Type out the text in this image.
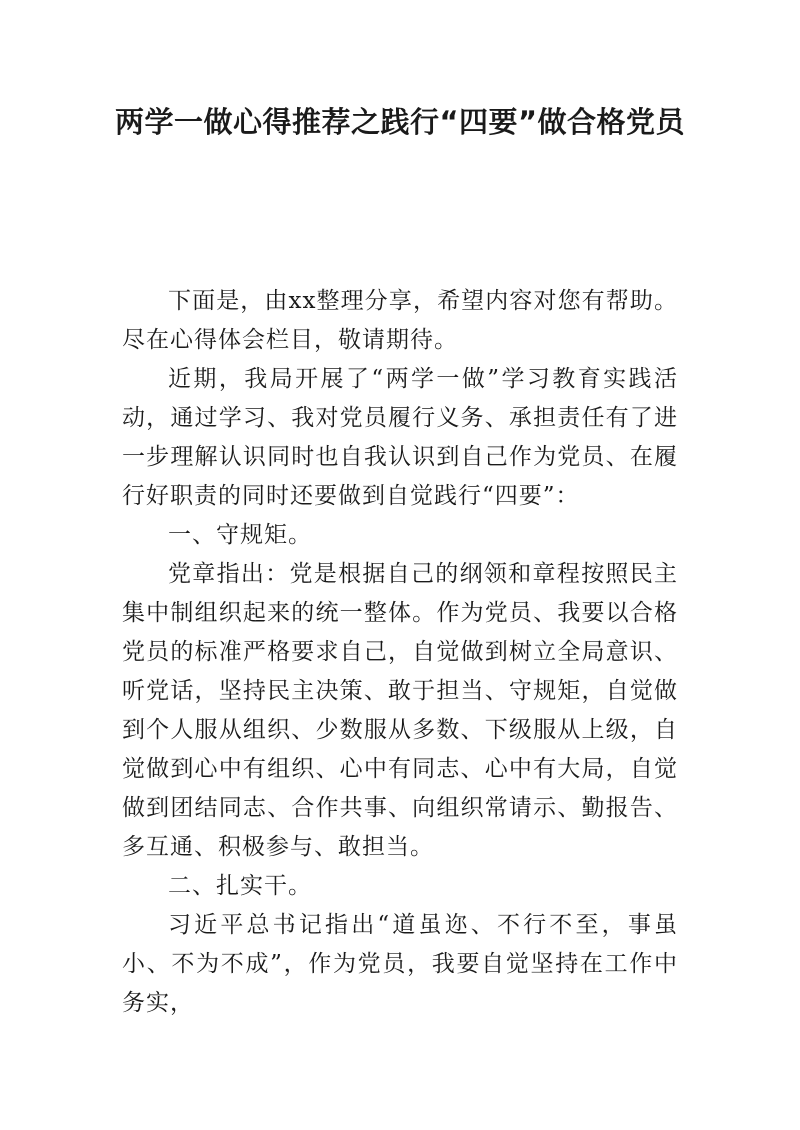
两学一做心得推荐之践行“四要”做合格党员

下面是，由xx整理分享，希望内容对您有帮助。尽在心得体会栏目，敬请期待。

近期，我局开展了“两学一做”学习教育实践活动，通过学习、我对党员履行义务、承担责任有了进一步理解认识同时也自我认识到自己作为党员、在履行好职责的同时还要做到自觉践行“四要”：

一、守规矩。

党章指出：党是根据自己的纲领和章程按照民主集中制组织起来的统一整体。作为党员、我要以合格党员的标准严格要求自己，自觉做到树立全局意识、听党话，坚持民主决策、敢于担当、守规矩，自觉做到个人服从组织、少数服从多数、下级服从上级，自觉做到心中有组织、心中有同志、心中有大局，自觉做到团结同志、合作共事、向组织常请示、勤报告、多互通、积极参与、敢担当。

二、扎实干。

习近平总书记指出“道虽迩、不行不至，事虽小、不为不成”，作为党员，我要自觉坚持在工作中务实，
